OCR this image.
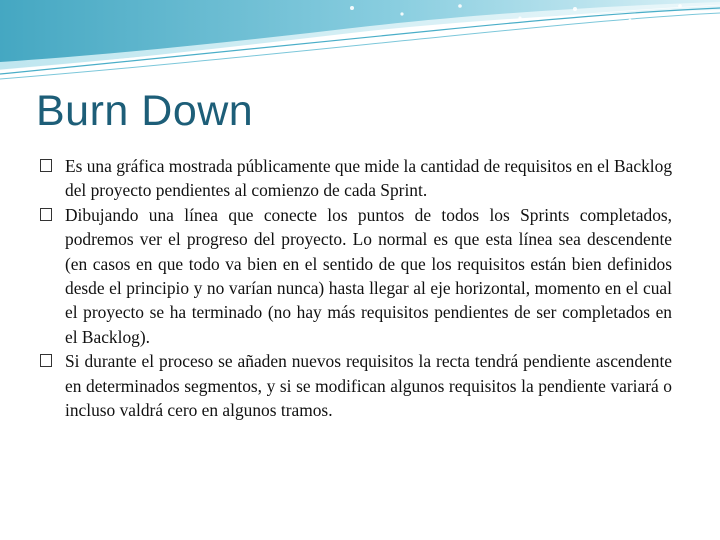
Burn Down
Es una gráfica mostrada públicamente que mide la cantidad de requisitos en el Backlog del proyecto pendientes al comienzo de cada Sprint.
Dibujando una línea que conecte los puntos de todos los Sprints completados, podremos ver el progreso del proyecto. Lo normal es que esta línea sea descendente (en casos en que todo va bien en el sentido de que los requisitos están bien definidos desde el principio y no varían nunca) hasta llegar al eje horizontal, momento en el cual el proyecto se ha terminado (no hay más requisitos pendientes de ser completados en el Backlog).
Si durante el proceso se añaden nuevos requisitos la recta tendrá pendiente ascendente en determinados segmentos, y si se modifican algunos requisitos la pendiente variará o incluso valdrá cero en algunos tramos.
